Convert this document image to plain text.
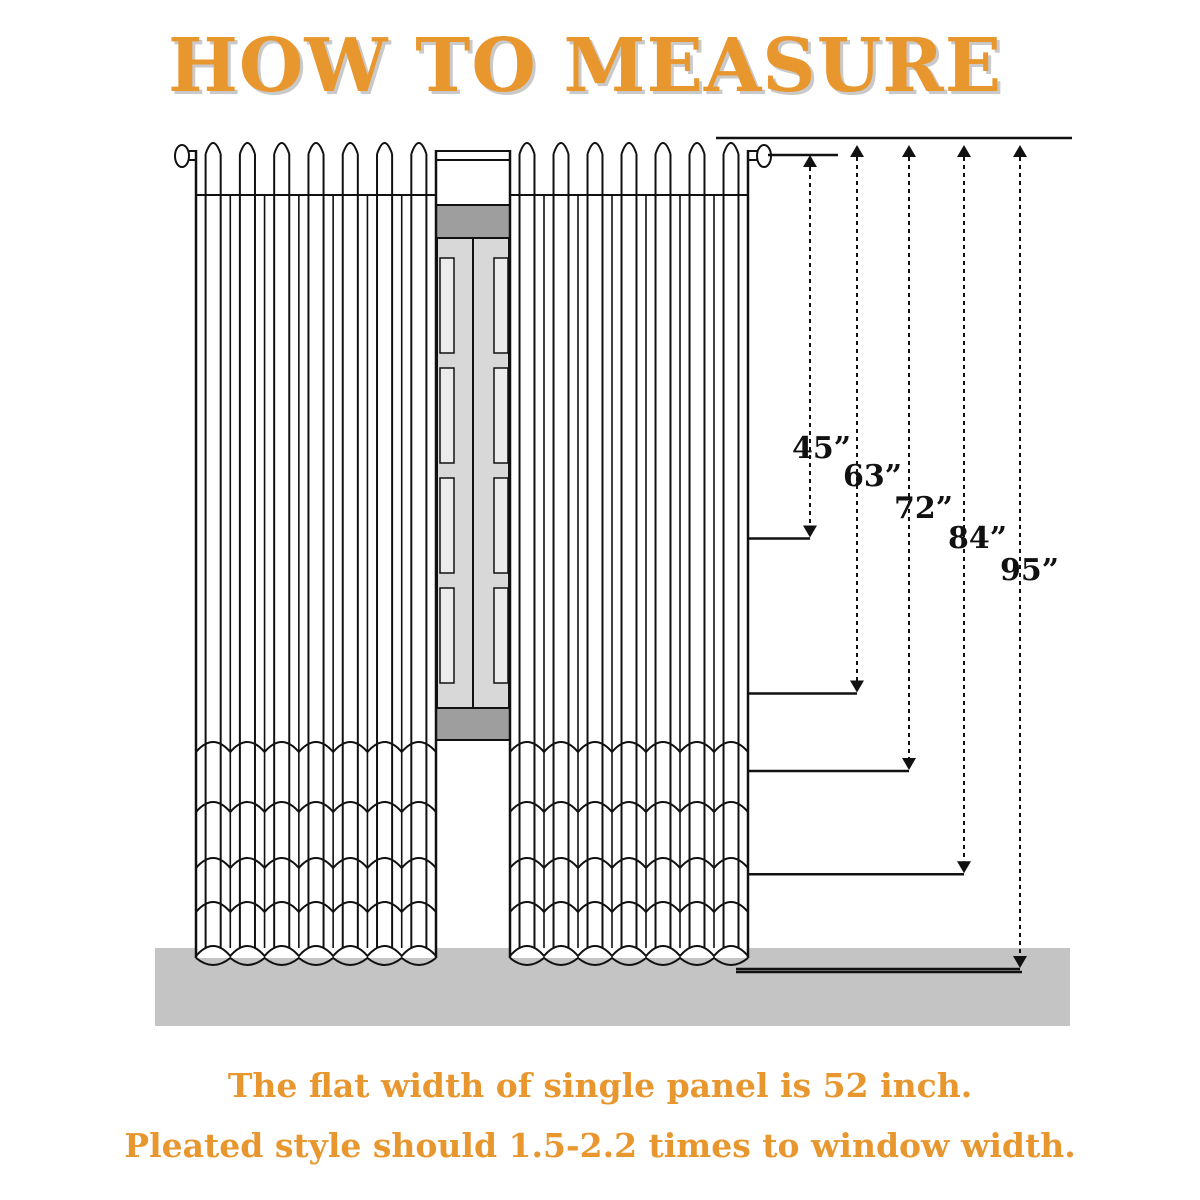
HOW TO MEASURE
45”
63”
72”
84”
95”
The flat width of single panel is 52 inch.
Pleated style should 1.5-2.2 times to window width.
